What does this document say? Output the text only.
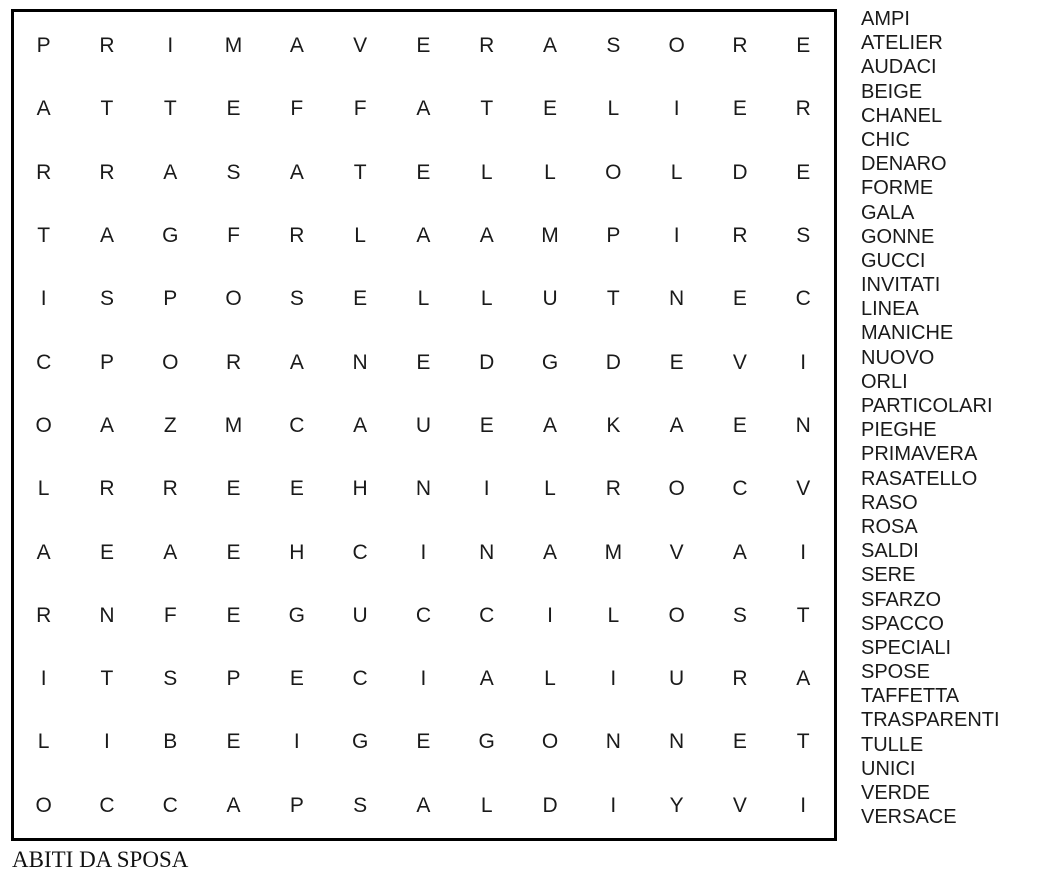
P	R	I	M	A	V	E	R	A	S	O	R	E
A	T	T	E	F	F	A	T	E	L	I	E	R
R	R	A	S	A	T	E	L	L	O	L	D	E
T	A	G	F	R	L	A	A	M	P	I	R	S
I	S	P	O	S	E	L	L	U	T	N	E	C
C	P	O	R	A	N	E	D	G	D	E	V	I
O	A	Z	M	C	A	U	E	A	K	A	E	N
L	R	R	E	E	H	N	I	L	R	O	C	V
A	E	A	E	H	C	I	N	A	M	V	A	I
R	N	F	E	G	U	C	C	I	L	O	S	T
I	T	S	P	E	C	I	A	L	I	U	R	A
L	I	B	E	I	G	E	G	O	N	N	E	T
O	C	C	A	P	S	A	L	D	I	Y	V	I
AMPI
ATELIER
AUDACI
BEIGE
CHANEL
CHIC
DENARO
FORME
GALA
GONNE
GUCCI
INVITATI
LINEA
MANICHE
NUOVO
ORLI
PARTICOLARI
PIEGHE
PRIMAVERA
RASATELLO
RASO
ROSA
SALDI
SERE
SFARZO
SPACCO
SPECIALI
SPOSE
TAFFETTA
TRASPARENTI
TULLE
UNICI
VERDE
VERSACE
ABITI DA SPOSA
